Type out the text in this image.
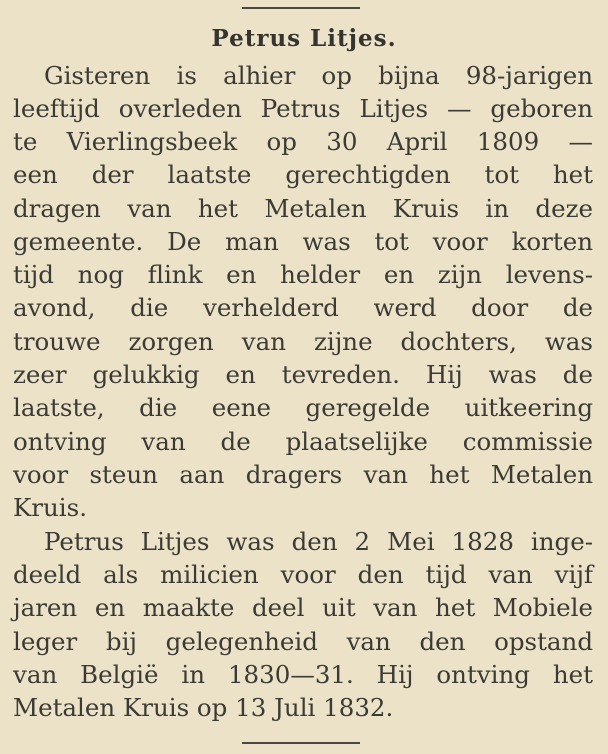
Petrus Litjes.
Gisteren is alhier op bijna 98-jarigen
leeftijd overleden Petrus Litjes — geboren
te Vierlingsbeek op 30 April 1809 —
een der laatste gerechtigden tot het
dragen van het Metalen Kruis in deze
gemeente. De man was tot voor korten
tijd nog flink en helder en zijn levens-
avond, die verhelderd werd door de
trouwe zorgen van zijne dochters, was
zeer gelukkig en tevreden. Hij was de
laatste, die eene geregelde uitkeering
ontving van de plaatselijke commissie
voor steun aan dragers van het Metalen
Kruis.
Petrus Litjes was den 2 Mei 1828 inge-
deeld als milicien voor den tijd van vijf
jaren en maakte deel uit van het Mobiele
leger bij gelegenheid van den opstand
van België in 1830—31. Hij ontving het
Metalen Kruis op 13 Juli 1832.
